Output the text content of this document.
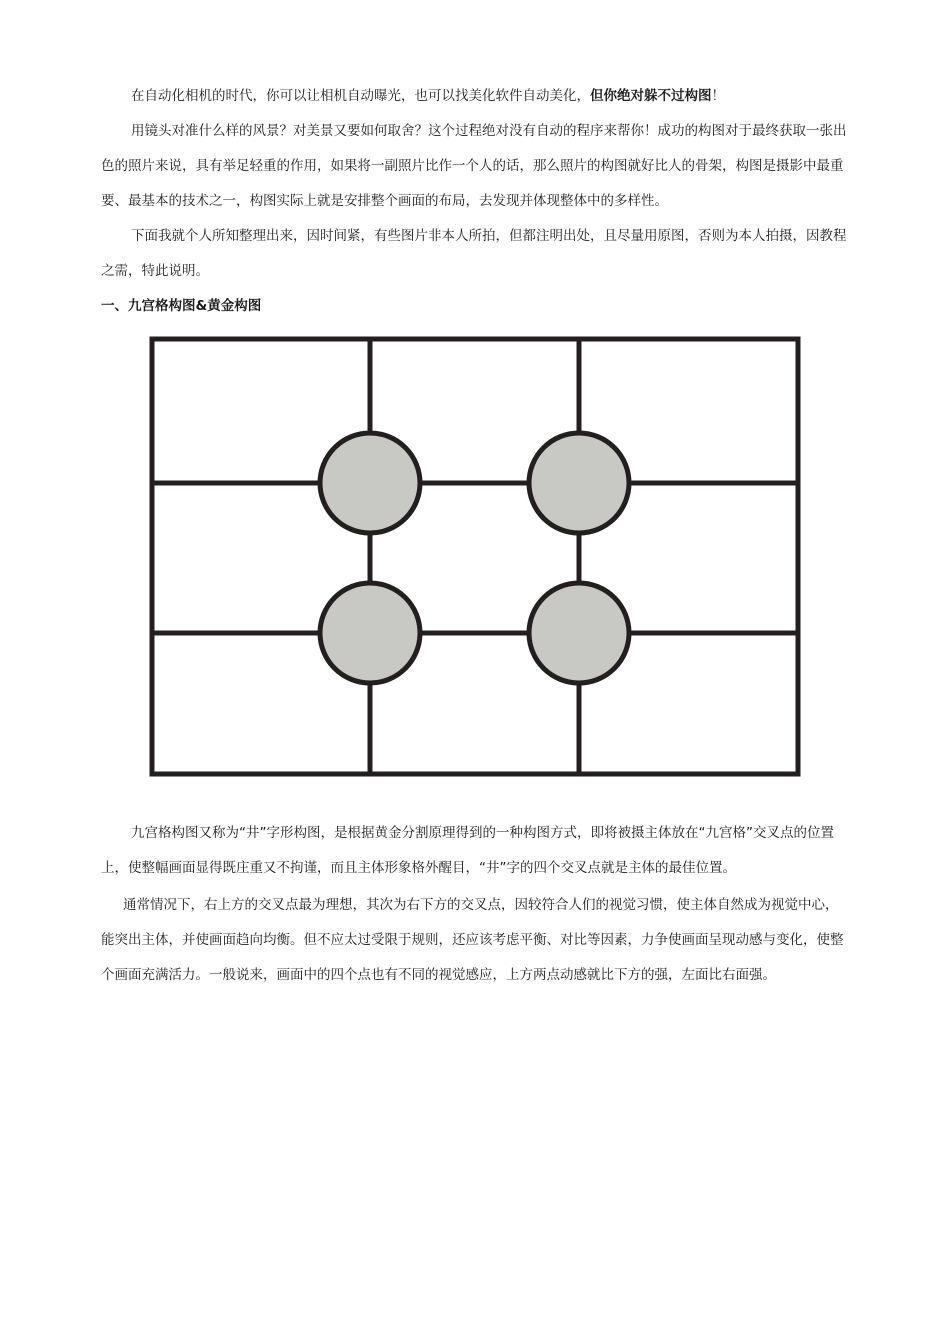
在自动化相机的时代，你可以让相机自动曝光，也可以找美化软件自动美化，但你绝对躲不过构图！

用镜头对准什么样的风景？对美景又要如何取舍？这个过程绝对没有自动的程序来帮你！成功的构图对于最终获取一张出色的照片来说，具有举足轻重的作用，如果将一副照片比作一个人的话，那么照片的构图就好比人的骨架，构图是摄影中最重要、最基本的技术之一，构图实际上就是安排整个画面的布局，去发现并体现整体中的多样性。

下面我就个人所知整理出来，因时间紧，有些图片非本人所拍，但都注明出处，且尽量用原图，否则为本人拍摄，因教程之需，特此说明。

一、九宫格构图&黄金构图

九宫格构图又称为“井”字形构图，是根据黄金分割原理得到的一种构图方式，即将被摄主体放在“九宫格”交叉点的位置上，使整幅画面显得既庄重又不拘谨，而且主体形象格外醒目，“井”字的四个交叉点就是主体的最佳位置。

通常情况下，右上方的交叉点最为理想，其次为右下方的交叉点，因较符合人们的视觉习惯，使主体自然成为视觉中心，能突出主体，并使画面趋向均衡。但不应太过受限于规则，还应该考虑平衡、对比等因素，力争使画面呈现动感与变化，使整个画面充满活力。一般说来，画面中的四个点也有不同的视觉感应，上方两点动感就比下方的强，左面比右面强。
